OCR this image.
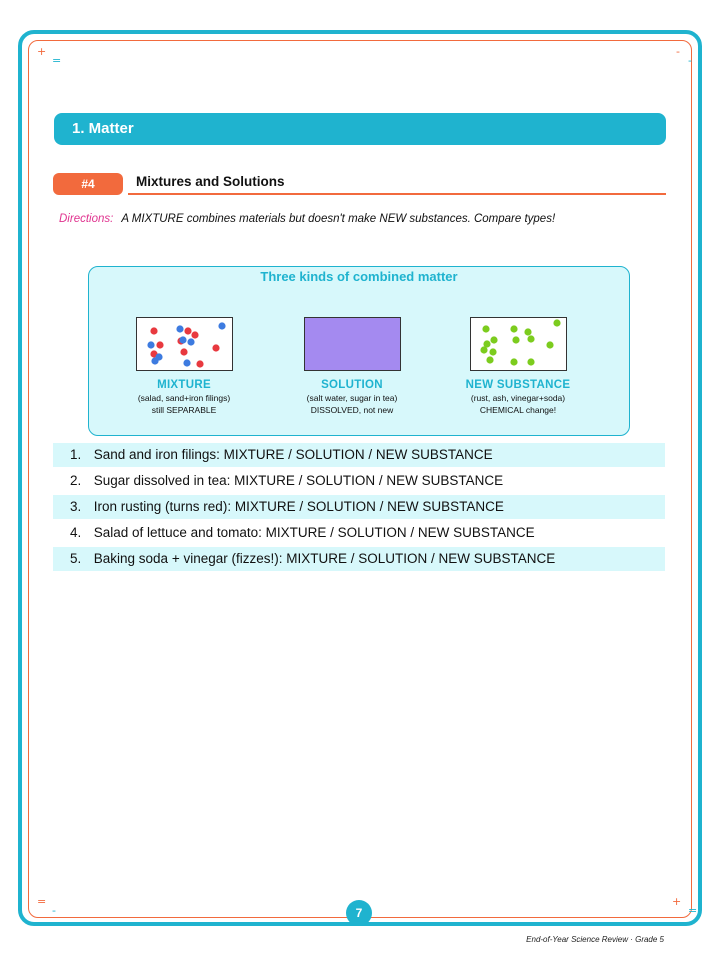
+
=
-
-
=
-
+
=
1. Matter
#4	Mixtures and Solutions
Directions: A MIXTURE combines materials but doesn't make NEW substances. Compare types!
Three kinds of combined matter
MIXTURE
(salad, sand+iron filings)
still SEPARABLE
SOLUTION
(salt water, sugar in tea)
DISSOLVED, not new
NEW SUBSTANCE
(rust, ash, vinegar+soda)
CHEMICAL change!
1. Sand and iron filings: MIXTURE / SOLUTION / NEW SUBSTANCE
2. Sugar dissolved in tea: MIXTURE / SOLUTION / NEW SUBSTANCE
3. Iron rusting (turns red): MIXTURE / SOLUTION / NEW SUBSTANCE
4. Salad of lettuce and tomato: MIXTURE / SOLUTION / NEW SUBSTANCE
5. Baking soda + vinegar (fizzes!): MIXTURE / SOLUTION / NEW SUBSTANCE
7
End-of-Year Science Review · Grade 5
